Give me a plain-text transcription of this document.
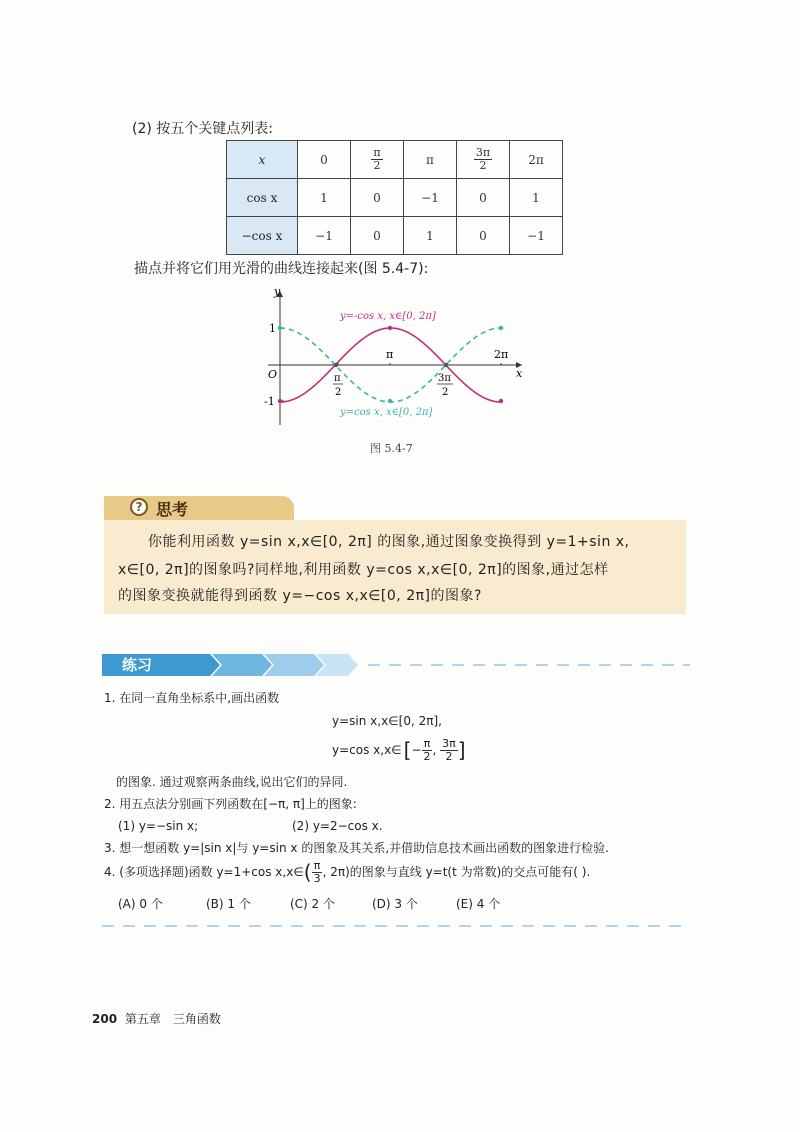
(2) 按五个关键点列表:
x	0	$\frac{\pi}{2}$	π	$\frac{3\pi}{2}$	2π
cos x	1	0	−1	0	1
−cos x	−1	0	1	0	−1
描点并将它们用光滑的曲线连接起来(图 5.4-7):
y
x
O
1
-1
π	2π
π
2
3π
2
y=-cos x, x∈[0, 2π]
y=cos x, x∈[0, 2π]
图 5.4-7
? 思考
你能利用函数 y=sin x,x∈[0, 2π] 的图象,通过图象变换得到 y=1+sin x,
x∈[0, 2π]的图象吗?同样地,利用函数 y=cos x,x∈[0, 2π]的图象,通过怎样
的图象变换就能得到函数 y=−cos x,x∈[0, 2π]的图象?
练习
1. 在同一直角坐标系中,画出函数
y=sin x,x∈[0, 2π],
y=cos x,x∈ [ − $\frac{\pi}{2}$ , $\frac{3\pi}{2}$ ]
的图象. 通过观察两条曲线,说出它们的异同.
2. 用五点法分别画下列函数在[−π, π]上的图象:
(1) y=−sin x;	(2) y=2−cos x.
3. 想一想函数 y=|sin x|与 y=sin x 的图象及其关系,并借助信息技术画出函数的图象进行检验.
4. (多项选择题)函数 y=1+cos x,x∈ ( $\frac{\pi}{3}$ , 2π)的图象与直线 y=t(t 为常数)的交点可能有( ).
(A) 0 个	(B) 1 个	(C) 2 个	(D) 3 个	(E) 4 个
200 第五章　三角函数
